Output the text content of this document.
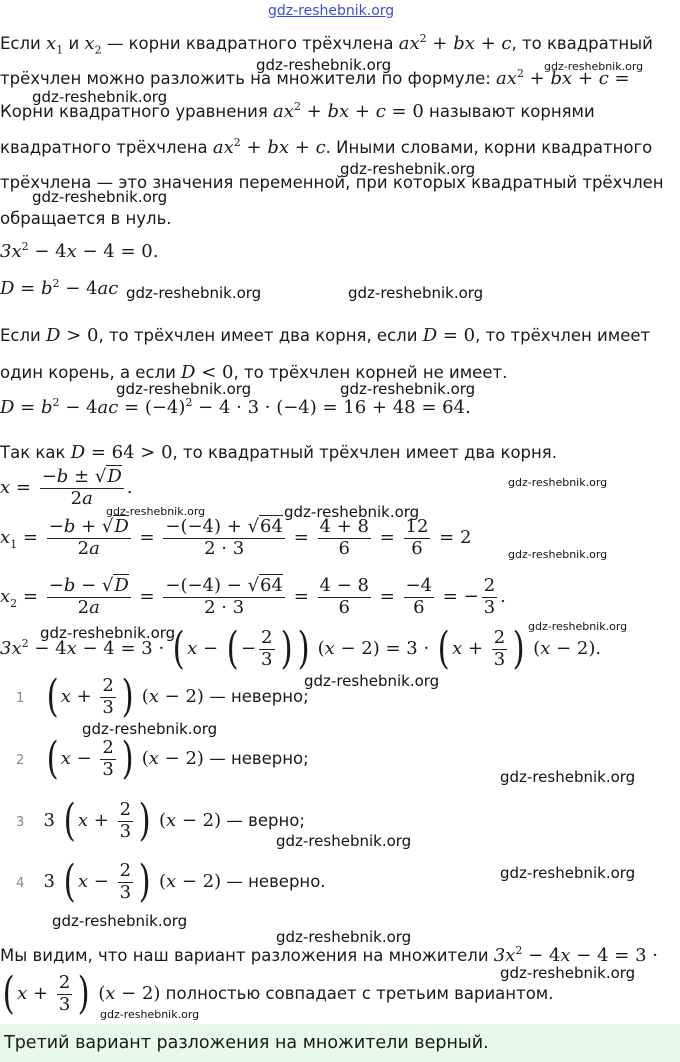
gdz-reshebnik.org
Если $x_1$ и $x_2$ — корни квадратного трёхчлена $ax^2$ + bx + c, то квадратный
трёхчлен можно разложить на множители по формуле: $ax^2$ + bx + c =
Корни квадратного уравнения $ax^2$ + bx + c = 0 называют корнями
квадратного трёхчлена $ax^2$ + bx + c. Иными словами, корни квадратного
трёхчлена — это значения переменной, при которых квадратный трёхчлен
обращается в нуль.
$3x^2 - 4x - 4 = 0$.
$D = b^2 - 4ac$
Если D > 0, то трёхчлен имеет два корня, если D = 0, то трёхчлен имеет
один корень, а если D < 0, то трёхчлен корней не имеет.
$D = b^2 - 4ac = (-4)^2 - 4 \cdot 3 \cdot (-4) = 16 + 48 = 64$.
Так как D = 64 > 0, то квадратный трёхчлен имеет два корня.
$x = \frac{-b \pm √D}{2a}$ .
$x_1 = \frac{-b + √D}{2a} = \frac{-(-4) + √64}{2 \cdot 3} = \frac{4 + 8}{6} = \frac{12}{6} = 2$
$x_2 = \frac{-b - √D}{2a} = \frac{-(-4) - √64}{2 \cdot 3} = \frac{4 - 8}{6} = \frac{-4}{6}$ = − $\frac{2}{3}$ .
$3x^2 - 4x - 4 = 3$ · ( x − ( − $\frac{2}{3}$ ) ) (x − 2) = 3 · ( $x + \frac{2}{3}$ ) (x − 2).
1 ( $x + \frac{2}{3}$ ) (x − 2) — неверно;
2 ( $x - \frac{2}{3}$ ) (x − 2) — неверно;
3 3 ( $x + \frac{2}{3}$ ) (x − 2) — верно;
4 3 ( $x - \frac{2}{3}$ ) (x − 2) — неверно.
Мы видим, что наш вариант разложения на множители $3x^2 - 4x - 4 = 3$ ·
( $x + \frac{2}{3}$ ) (x − 2) полностью совпадает с третьим вариантом.
Третий вариант разложения на множители верный.
gdz-reshebnik.org	gdz-reshebnik.org
gdz-reshebnik.org
gdz-reshebnik.org
gdz-reshebnik.org
gdz-reshebnik.org	gdz-reshebnik.org
gdz-reshebnik.org	gdz-reshebnik.org
gdz-reshebnik.org
gdz-reshebnik.org	gdz-reshebnik.org
gdz-reshebnik.org
gdz-reshebnik.org
gdz-reshebnik.org
gdz-reshebnik.org
gdz-reshebnik.org
gdz-reshebnik.org
gdz-reshebnik.org
gdz-reshebnik.org
gdz-reshebnik.org
gdz-reshebnik.org
gdz-reshebnik.org
gdz-reshebnik.org
